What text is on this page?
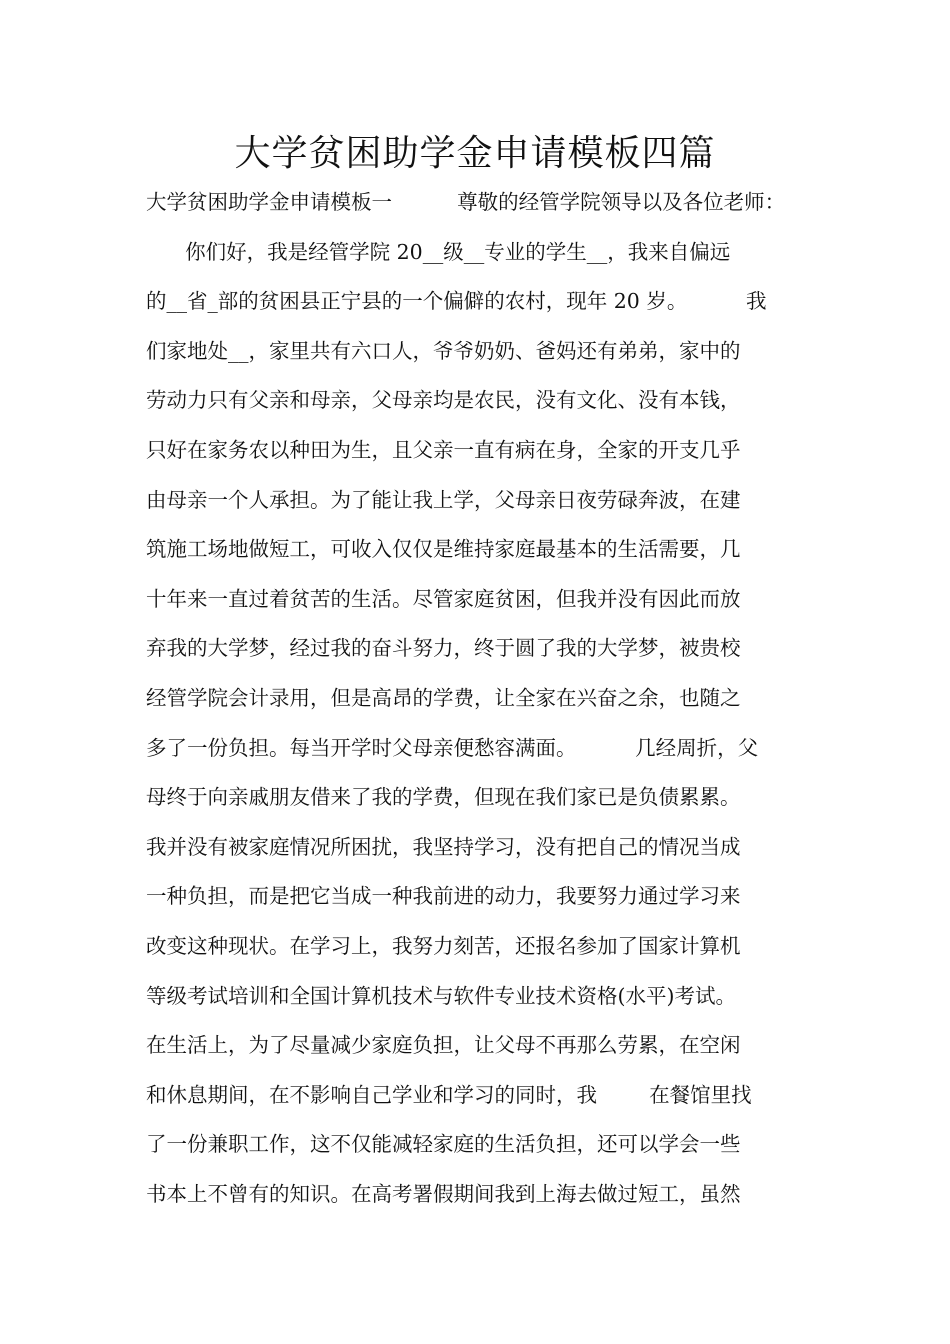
大学贫困助学金申请模板四篇
大学贫困助学金申请模板一          尊敬的经管学院领导以及各位老师：
你们好，我是经管学院 20__级__专业的学生__，我来自偏远
的__省_部的贫困县正宁县的一个偏僻的农村，现年 20 岁。         我
们家地处__，家里共有六口人，爷爷奶奶、爸妈还有弟弟，家中的
劳动力只有父亲和母亲，父母亲均是农民，没有文化、没有本钱，
只好在家务农以种田为生，且父亲一直有病在身，全家的开支几乎
由母亲一个人承担。为了能让我上学，父母亲日夜劳碌奔波，在建
筑施工场地做短工，可收入仅仅是维持家庭最基本的生活需要，几
十年来一直过着贫苦的生活。尽管家庭贫困，但我并没有因此而放
弃我的大学梦，经过我的奋斗努力，终于圆了我的大学梦，被贵校
经管学院会计录用，但是高昂的学费，让全家在兴奋之余，也随之
多了一份负担。每当开学时父母亲便愁容满面。         几经周折，父
母终于向亲戚朋友借来了我的学费，但现在我们家已是负债累累。
我并没有被家庭情况所困扰，我坚持学习，没有把自己的情况当成
一种负担，而是把它当成一种我前进的动力，我要努力通过学习来
改变这种现状。在学习上，我努力刻苦，还报名参加了国家计算机
等级考试培训和全国计算机技术与软件专业技术资格(水平)考试。
在生活上，为了尽量减少家庭负担，让父母不再那么劳累，在空闲
和休息期间，在不影响自己学业和学习的同时，我        在餐馆里找
了一份兼职工作，这不仅能减轻家庭的生活负担，还可以学会一些
书本上不曾有的知识。在高考署假期间我到上海去做过短工，虽然
